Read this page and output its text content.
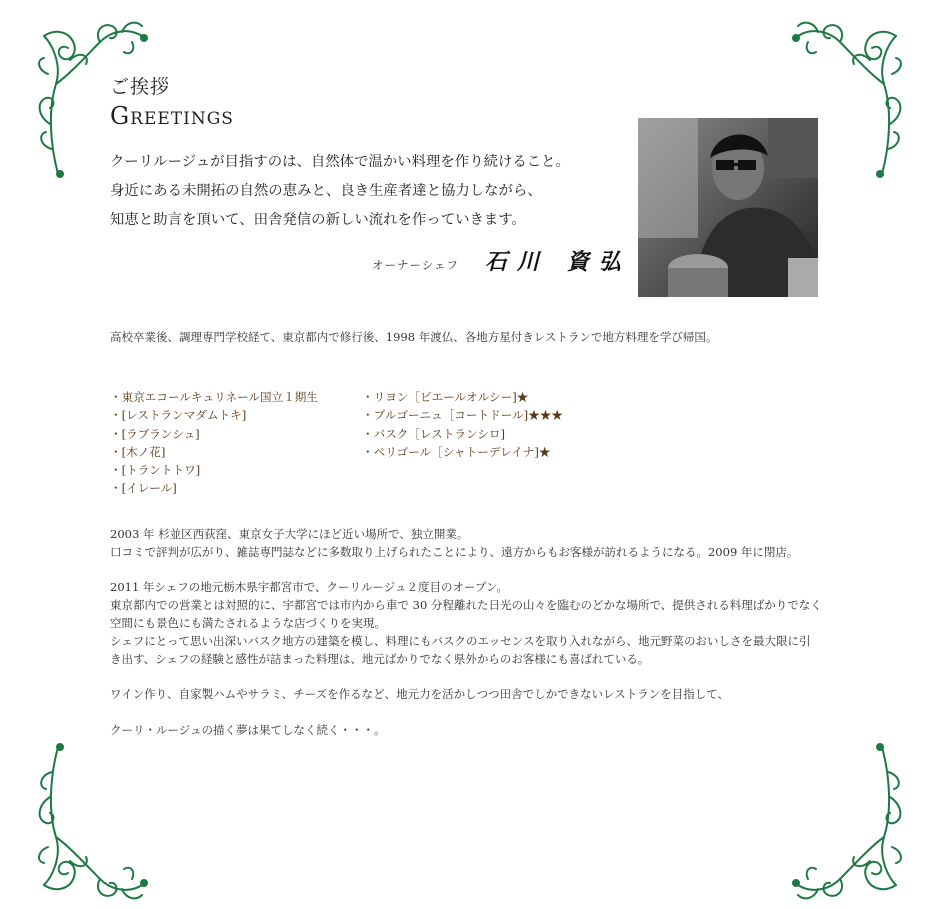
ご挨拶
Greetings

クーリルージュが目指すのは、自然体で温かい料理を作り続けること。

身近にある未開拓の自然の恵みと、良き生産者達と協力しながら、

知恵と助言を頂いて、田舎発信の新しい流れを作っていきます。

オーナーシェフ 石川 資弘

高校卒業後、調理専門学校経て、東京都内で修行後、1998 年渡仏、各地方星付きレストランで地方料理を学び帰国。

・東京エコールキュリネール国立１期生
・[レストランマダムトキ]
・[ラブランシュ]
・[木ノ花]
・[トラントトワ]
・[イレール]
・リヨン［ピエールオルシー]★
・ブルゴーニュ［コートドール]★★★
・バスク［レストランシロ]
・ペリゴール［シャトーデレイナ]★

2003 年 杉並区西荻窪、東京女子大学にほど近い場所で、独立開業。

口コミで評判が広がり、雑誌専門誌などに多数取り上げられたことにより、遠方からもお客様が訪れるようになる。2009 年に閉店。

2011 年シェフの地元栃木県宇都宮市で、クーリルージュ２度目のオープン。

東京都内での営業とは対照的に、宇都宮では市内から車で 30 分程離れた日光の山々を臨むのどかな場所で、提供される料理ばかりでなく

空間にも景色にも満たされるような店づくりを実現。

シェフにとって思い出深いバスク地方の建築を模し、料理にもバスクのエッセンスを取り入れながら、地元野菜のおいしさを最大限に引

き出す、シェフの経験と感性が詰まった料理は、地元ばかりでなく県外からのお客様にも喜ばれている。

ワイン作り、自家製ハムやサラミ、チーズを作るなど、地元力を活かしつつ田舎でしかできないレストランを目指して、

クーリ・ルージュの描く夢は果てしなく続く・・・。
